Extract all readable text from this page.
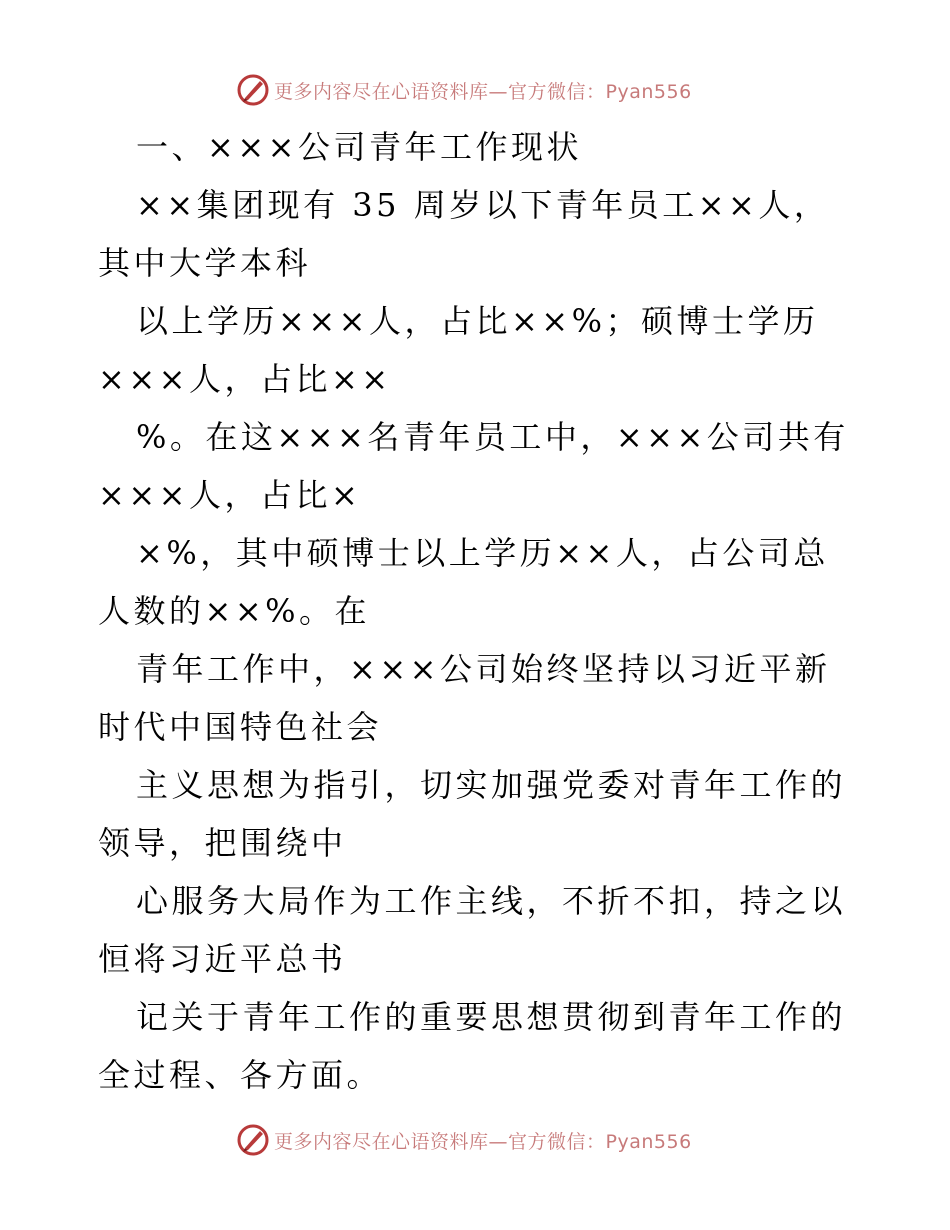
更多内容尽在心语资料库—官方微信：Pyan556

一、×××公司青年工作现状

××集团现有 35 周岁以下青年员工××人，其中大学本科

以上学历×××人，占比××%；硕博士学历×××人，占比××

%。在这×××名青年员工中，×××公司共有×××人，占比×

×%，其中硕博士以上学历××人，占公司总人数的××%。在

青年工作中，×××公司始终坚持以习近平新时代中国特色社会

主义思想为指引，切实加强党委对青年工作的领导，把围绕中

心服务大局作为工作主线，不折不扣，持之以恒将习近平总书

记关于青年工作的重要思想贯彻到青年工作的全过程、各方面。

更多内容尽在心语资料库—官方微信：Pyan556
